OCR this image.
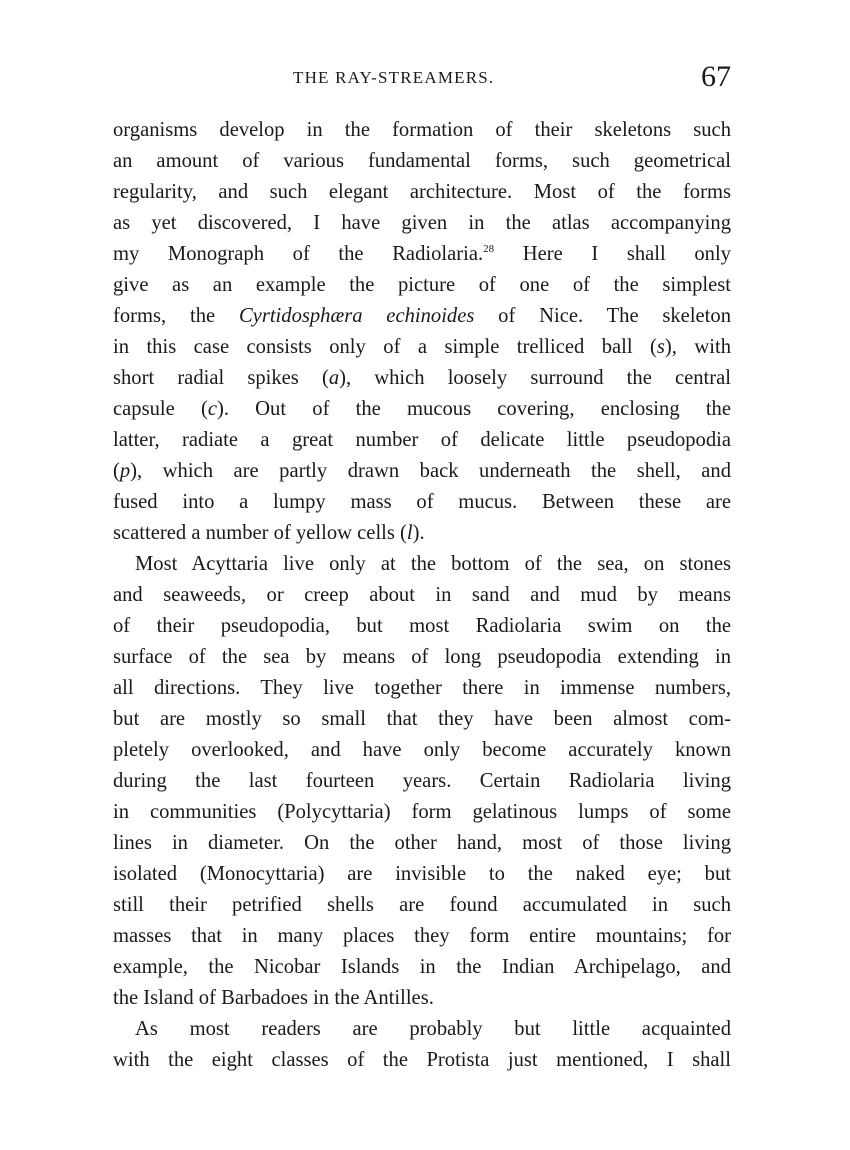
THE RAY-STREAMERS.	67
organisms develop in the formation of their skeletons such
an amount of various fundamental forms, such geometrical
regularity, and such elegant architecture. Most of the forms
as yet discovered, I have given in the atlas accompanying
my Monograph of the Radiolaria.$^{28}$ Here I shall only
give as an example the picture of one of the simplest
forms, the Cyrtidosphæra echinoides of Nice. The skeleton
in this case consists only of a simple trelliced ball (s), with
short radial spikes (a), which loosely surround the central
capsule (c). Out of the mucous covering, enclosing the
latter, radiate a great number of delicate little pseudopodia
(p), which are partly drawn back underneath the shell, and
fused into a lumpy mass of mucus. Between these are
scattered a number of yellow cells (l).
Most Acyttaria live only at the bottom of the sea, on stones
and seaweeds, or creep about in sand and mud by means
of their pseudopodia, but most Radiolaria swim on the
surface of the sea by means of long pseudopodia extending in
all directions. They live together there in immense numbers,
but are mostly so small that they have been almost com-
pletely overlooked, and have only become accurately known
during the last fourteen years. Certain Radiolaria living
in communities (Polycyttaria) form gelatinous lumps of some
lines in diameter. On the other hand, most of those living
isolated (Monocyttaria) are invisible to the naked eye; but
still their petrified shells are found accumulated in such
masses that in many places they form entire mountains; for
example, the Nicobar Islands in the Indian Archipelago, and
the Island of Barbadoes in the Antilles.
As most readers are probably but little acquainted
with the eight classes of the Protista just mentioned, I shall
